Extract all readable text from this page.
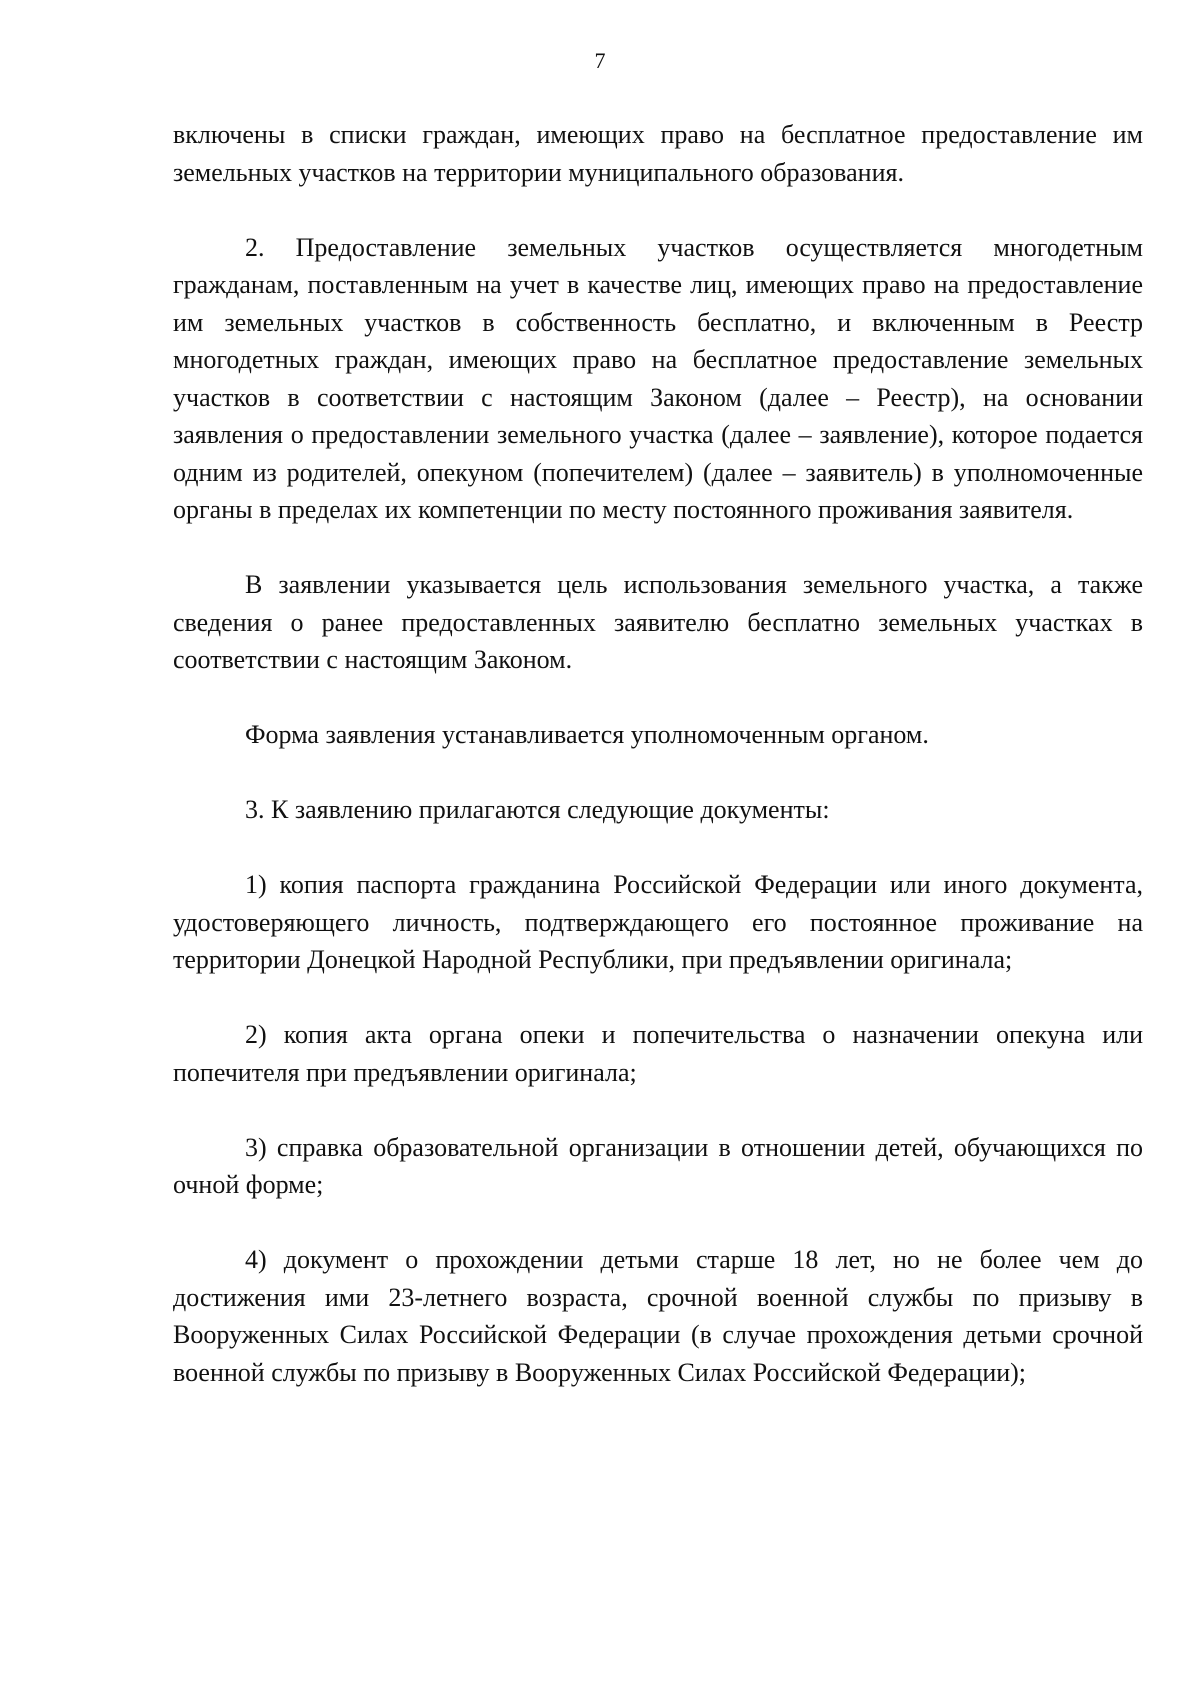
7

включены в списки граждан, имеющих право на бесплатное предоставление им земельных участков на территории муниципального образования.

2. Предоставление земельных участков осуществляется многодетным гражданам, поставленным на учет в качестве лиц, имеющих право на предоставление им земельных участков в собственность бесплатно, и включенным в Реестр многодетных граждан, имеющих право на бесплатное предоставление земельных участков в соответствии с настоящим Законом (далее – Реестр), на основании заявления о предоставлении земельного участка (далее – заявление), которое подается одним из родителей, опекуном (попечителем) (далее – заявитель) в уполномоченные органы в пределах их компетенции по месту постоянного проживания заявителя.

В заявлении указывается цель использования земельного участка, а также сведения о ранее предоставленных заявителю бесплатно земельных участках в соответствии с настоящим Законом.

Форма заявления устанавливается уполномоченным органом.

3. К заявлению прилагаются следующие документы:

1) копия паспорта гражданина Российской Федерации или иного документа, удостоверяющего личность, подтверждающего его постоянное проживание на территории Донецкой Народной Республики, при предъявлении оригинала;

2) копия акта органа опеки и попечительства о назначении опекуна или попечителя при предъявлении оригинала;

3) справка образовательной организации в отношении детей, обучающихся по очной форме;

4) документ о прохождении детьми старше 18 лет, но не более чем до достижения ими 23-летнего возраста, срочной военной службы по призыву в Вооруженных Силах Российской Федерации (в случае прохождения детьми срочной военной службы по призыву в Вооруженных Силах Российской Федерации);
